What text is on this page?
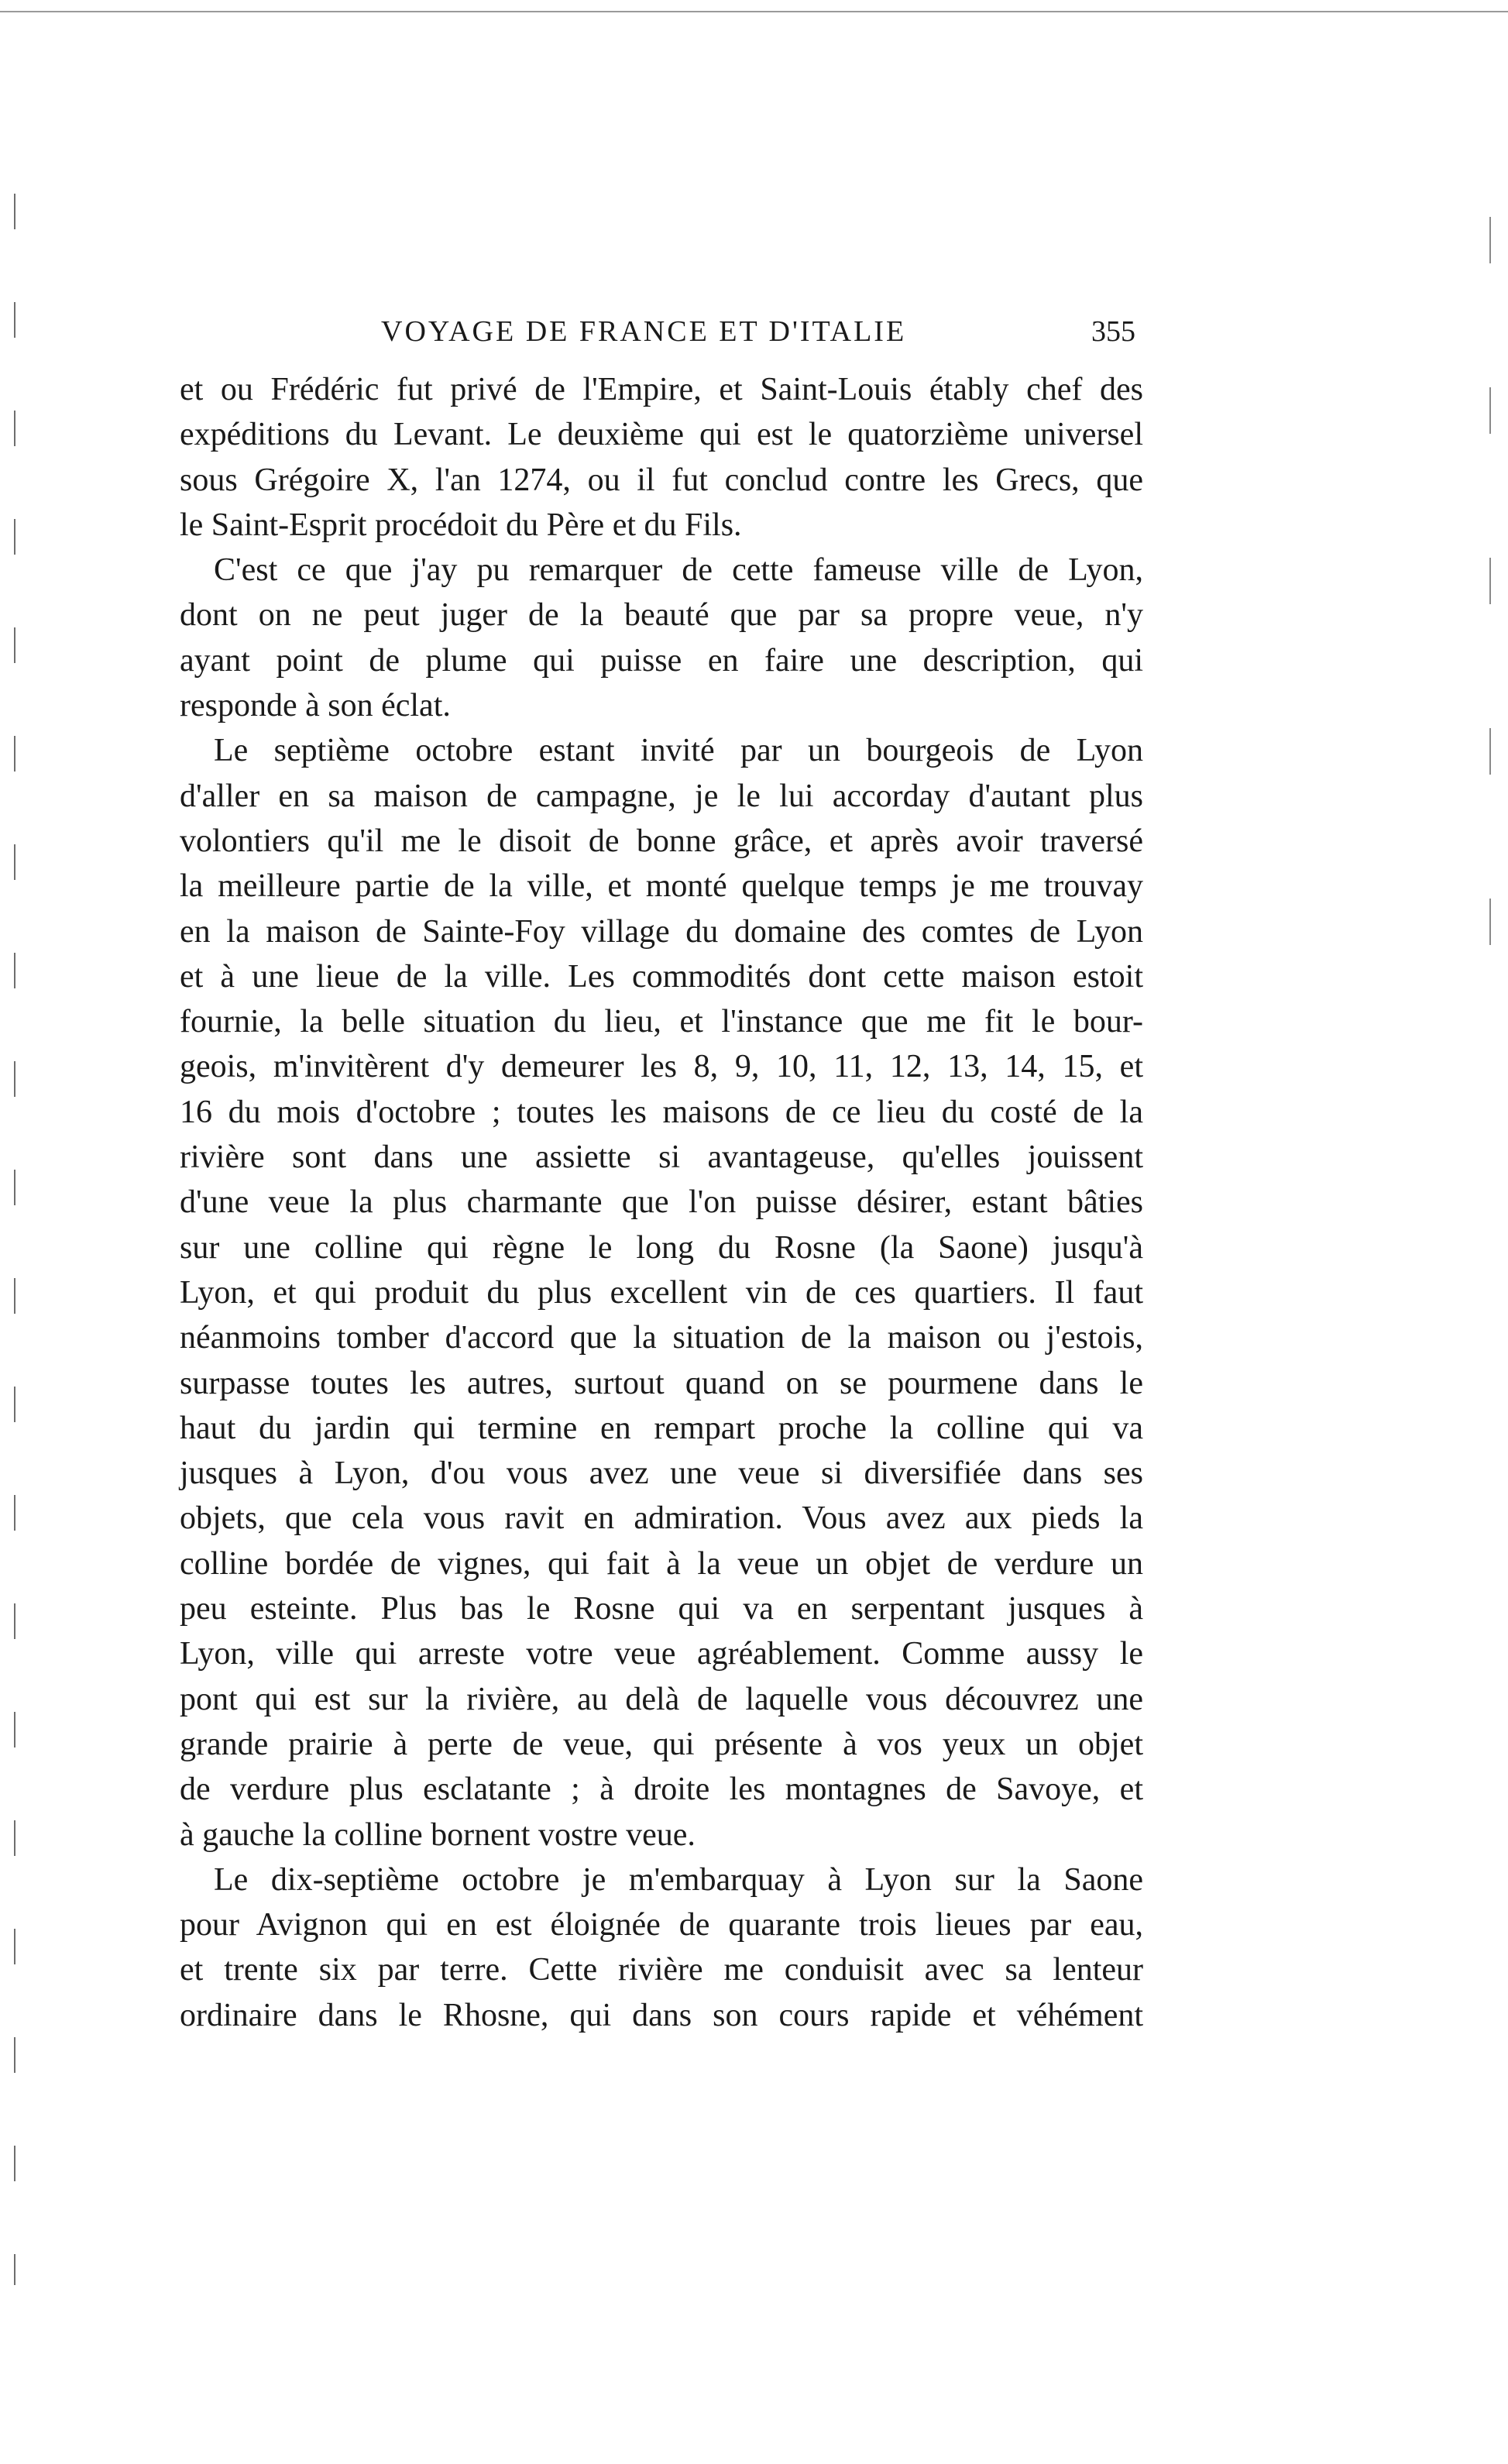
VOYAGE DE FRANCE ET D'ITALIE	355
et ou Frédéric fut privé de l'Empire, et Saint-Louis étably chef des
expéditions du Levant. Le deuxième qui est le quatorzième universel
sous Grégoire X, l'an 1274, ou il fut conclud contre les Grecs, que
le Saint-Esprit procédoit du Père et du Fils.
C'est ce que j'ay pu remarquer de cette fameuse ville de Lyon,
dont on ne peut juger de la beauté que par sa propre veue, n'y
ayant point de plume qui puisse en faire une description, qui
responde à son éclat.
Le septième octobre estant invité par un bourgeois de Lyon
d'aller en sa maison de campagne, je le lui accorday d'autant plus
volontiers qu'il me le disoit de bonne grâce, et après avoir traversé
la meilleure partie de la ville, et monté quelque temps je me trouvay
en la maison de Sainte-Foy village du domaine des comtes de Lyon
et à une lieue de la ville. Les commodités dont cette maison estoit
fournie, la belle situation du lieu, et l'instance que me fit le bour-
geois, m'invitèrent d'y demeurer les 8, 9, 10, 11, 12, 13, 14, 15, et
16 du mois d'octobre ; toutes les maisons de ce lieu du costé de la
rivière sont dans une assiette si avantageuse, qu'elles jouissent
d'une veue la plus charmante que l'on puisse désirer, estant bâties
sur une colline qui règne le long du Rosne (la Saone) jusqu'à
Lyon, et qui produit du plus excellent vin de ces quartiers. Il faut
néanmoins tomber d'accord que la situation de la maison ou j'estois,
surpasse toutes les autres, surtout quand on se pourmene dans le
haut du jardin qui termine en rempart proche la colline qui va
jusques à Lyon, d'ou vous avez une veue si diversifiée dans ses
objets, que cela vous ravit en admiration. Vous avez aux pieds la
colline bordée de vignes, qui fait à la veue un objet de verdure un
peu esteinte. Plus bas le Rosne qui va en serpentant jusques à
Lyon, ville qui arreste votre veue agréablement. Comme aussy le
pont qui est sur la rivière, au delà de laquelle vous découvrez une
grande prairie à perte de veue, qui présente à vos yeux un objet
de verdure plus esclatante ; à droite les montagnes de Savoye, et
à gauche la colline bornent vostre veue.
Le dix-septième octobre je m'embarquay à Lyon sur la Saone
pour Avignon qui en est éloignée de quarante trois lieues par eau,
et trente six par terre. Cette rivière me conduisit avec sa lenteur
ordinaire dans le Rhosne, qui dans son cours rapide et véhément
